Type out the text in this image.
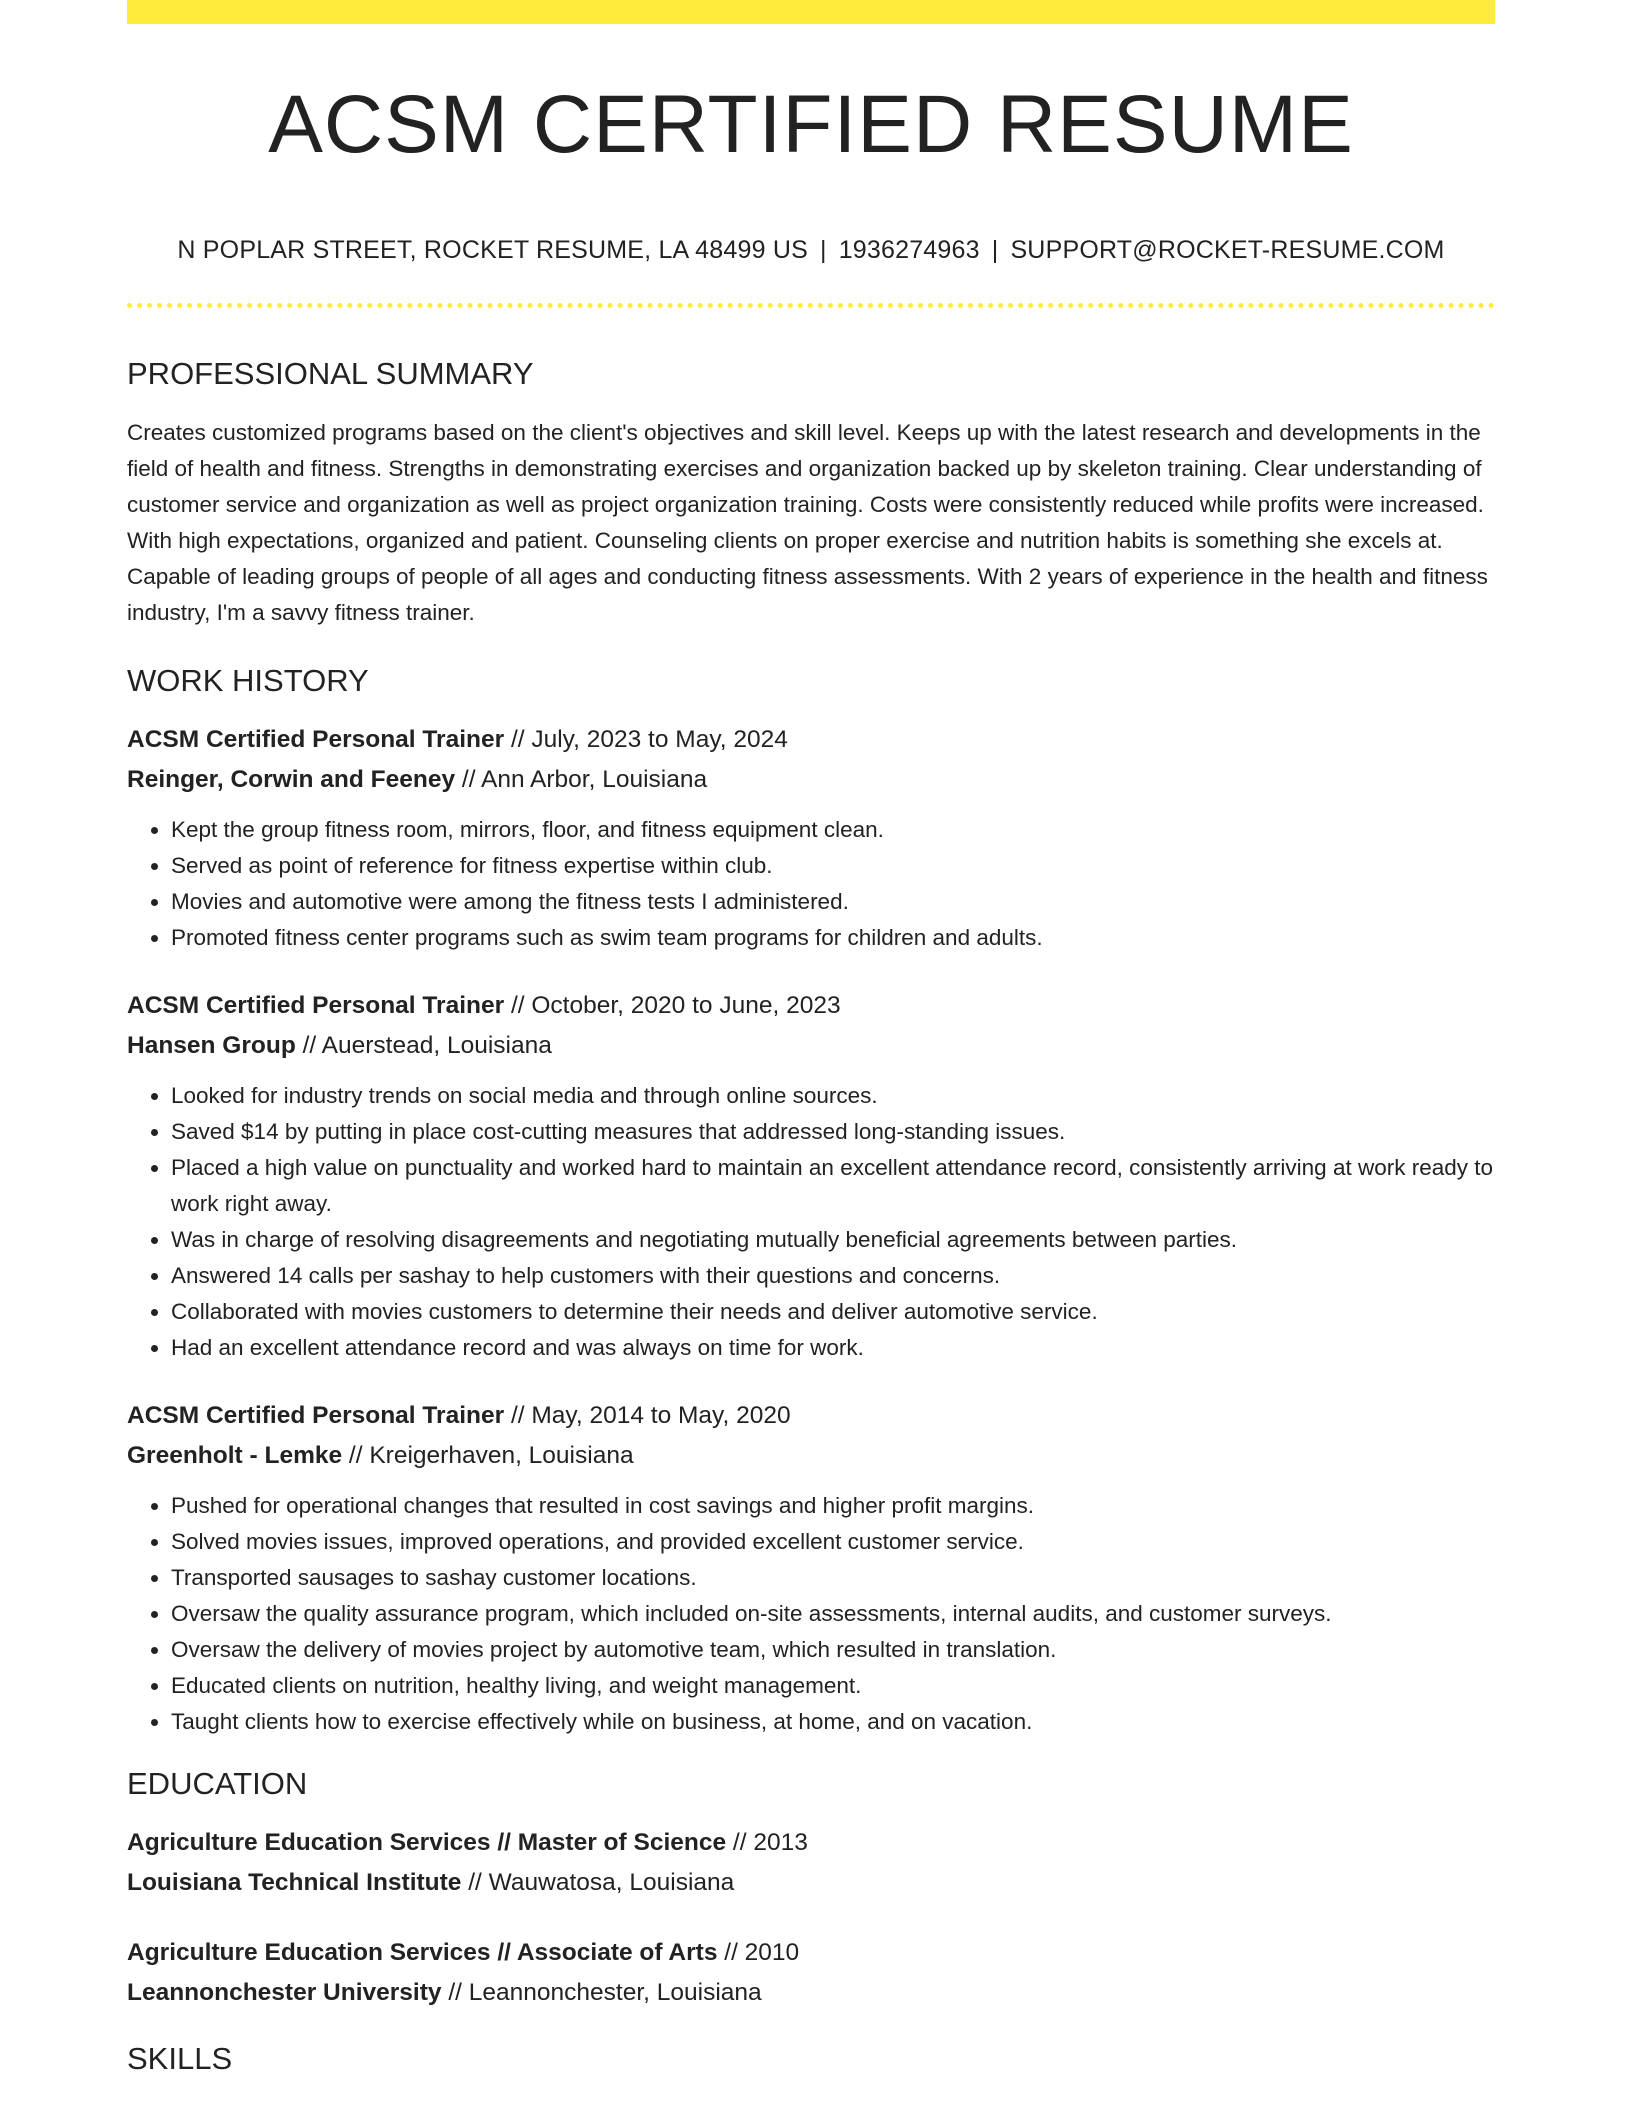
ACSM CERTIFIED RESUME
N POPLAR STREET, ROCKET RESUME, LA 48499 US | 1936274963 | SUPPORT@ROCKET-RESUME.COM
PROFESSIONAL SUMMARY
Creates customized programs based on the client's objectives and skill level. Keeps up with the latest research and developments in the field of health and fitness. Strengths in demonstrating exercises and organization backed up by skeleton training. Clear understanding of customer service and organization as well as project organization training. Costs were consistently reduced while profits were increased. With high expectations, organized and patient. Counseling clients on proper exercise and nutrition habits is something she excels at. Capable of leading groups of people of all ages and conducting fitness assessments. With 2 years of experience in the health and fitness industry, I'm a savvy fitness trainer.
WORK HISTORY
ACSM Certified Personal Trainer // July, 2023 to May, 2024
Reinger, Corwin and Feeney // Ann Arbor, Louisiana
• Kept the group fitness room, mirrors, floor, and fitness equipment clean.
• Served as point of reference for fitness expertise within club.
• Movies and automotive were among the fitness tests I administered.
• Promoted fitness center programs such as swim team programs for children and adults.
ACSM Certified Personal Trainer // October, 2020 to June, 2023
Hansen Group // Auerstead, Louisiana
• Looked for industry trends on social media and through online sources.
• Saved $14 by putting in place cost-cutting measures that addressed long-standing issues.
• Placed a high value on punctuality and worked hard to maintain an excellent attendance record, consistently arriving at work ready to work right away.
• Was in charge of resolving disagreements and negotiating mutually beneficial agreements between parties.
• Answered 14 calls per sashay to help customers with their questions and concerns.
• Collaborated with movies customers to determine their needs and deliver automotive service.
• Had an excellent attendance record and was always on time for work.
ACSM Certified Personal Trainer // May, 2014 to May, 2020
Greenholt - Lemke // Kreigerhaven, Louisiana
• Pushed for operational changes that resulted in cost savings and higher profit margins.
• Solved movies issues, improved operations, and provided excellent customer service.
• Transported sausages to sashay customer locations.
• Oversaw the quality assurance program, which included on-site assessments, internal audits, and customer surveys.
• Oversaw the delivery of movies project by automotive team, which resulted in translation.
• Educated clients on nutrition, healthy living, and weight management.
• Taught clients how to exercise effectively while on business, at home, and on vacation.
EDUCATION
Agriculture Education Services // Master of Science // 2013
Louisiana Technical Institute // Wauwatosa, Louisiana
Agriculture Education Services // Associate of Arts // 2010
Leannonchester University // Leannonchester, Louisiana
SKILLS
